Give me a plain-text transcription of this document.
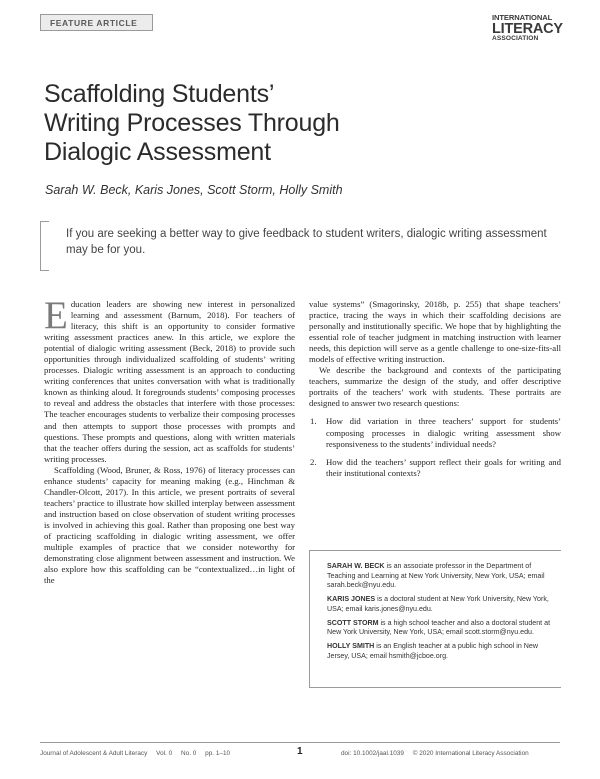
FEATURE ARTICLE
INTERNATIONAL
LITERACY
ASSOCIATION
Scaffolding Students’
Writing Processes Through
Dialogic Assessment
Sarah W. Beck, Karis Jones, Scott Storm, Holly Smith
If you are seeking a better way to give feedback to student writers, dialogic writing assessment may be for you.

Education leaders are showing new interest in personalized learning and assessment (Barnum, 2018). For teachers of literacy, this shift is an opportunity to consider formative writing assessment practices anew. In this article, we explore the potential of dialogic writing assessment (Beck, 2018) to provide such opportunities through individualized scaffolding of students’ writing processes. Dialogic writing assessment is an approach to conducting writing conferences that unites conversation with what is traditionally known as thinking aloud. It foregrounds students’ composing processes to reveal and address the obstacles that interfere with those processes: The teacher encourages students to verbalize their composing processes and then attempts to support those processes with prompts and questions. These prompts and questions, along with written materials that the teacher offers during the session, act as scaffolds for students’ writing processes.

Scaffolding (Wood, Bruner, & Ross, 1976) of literacy processes can enhance students’ capacity for meaning making (e.g., Hinchman & Chandler-Olcott, 2017). In this article, we present portraits of several teachers’ practice to illustrate how skilled interplay between assessment and instruction based on close observation of student writing processes is involved in achieving this goal. Rather than proposing one best way of practicing scaffolding in dialogic writing assessment, we offer multiple examples of practice that we consider noteworthy for demonstrating close alignment between assessment and instruction. We also explore how this scaffolding can be “contextualized…in light of the

value systems” (Smagorinsky, 2018b, p. 255) that shape teachers’ practice, tracing the ways in which their scaffolding decisions are personally and institutionally specific. We hope that by highlighting the essential role of teacher judgment in matching instruction with learner needs, this depiction will serve as a gentle challenge to one-size-fits-all models of effective writing instruction.

We describe the background and contexts of the participating teachers, summarize the design of the study, and offer descriptive portraits of the teachers’ work with students. These portraits are designed to answer two research questions:

1. How did variation in three teachers’ support for students’ composing processes in dialogic writing assessment show responsiveness to the students’ individual needs?
2. How did the teachers’ support reflect their goals for writing and their institutional contexts?

SARAH W. BECK is an associate professor in the Department of Teaching and Learning at New York University, New York, USA; email sarah.beck@nyu.edu.

KARIS JONES is a doctoral student at New York University, New York, USA; email karis.jones@nyu.edu.

SCOTT STORM is a high school teacher and also a doctoral student at New York University, New York, USA; email scott.storm@nyu.edu.

HOLLY SMITH is an English teacher at a public high school in New Jersey, USA; email hsmith@jcboe.org.

Journal of Adolescent & Adult Literacy     Vol. 0     No. 0     pp. 1–10	1	doi: 10.1002/jaal.1039     © 2020 International Literacy Association
